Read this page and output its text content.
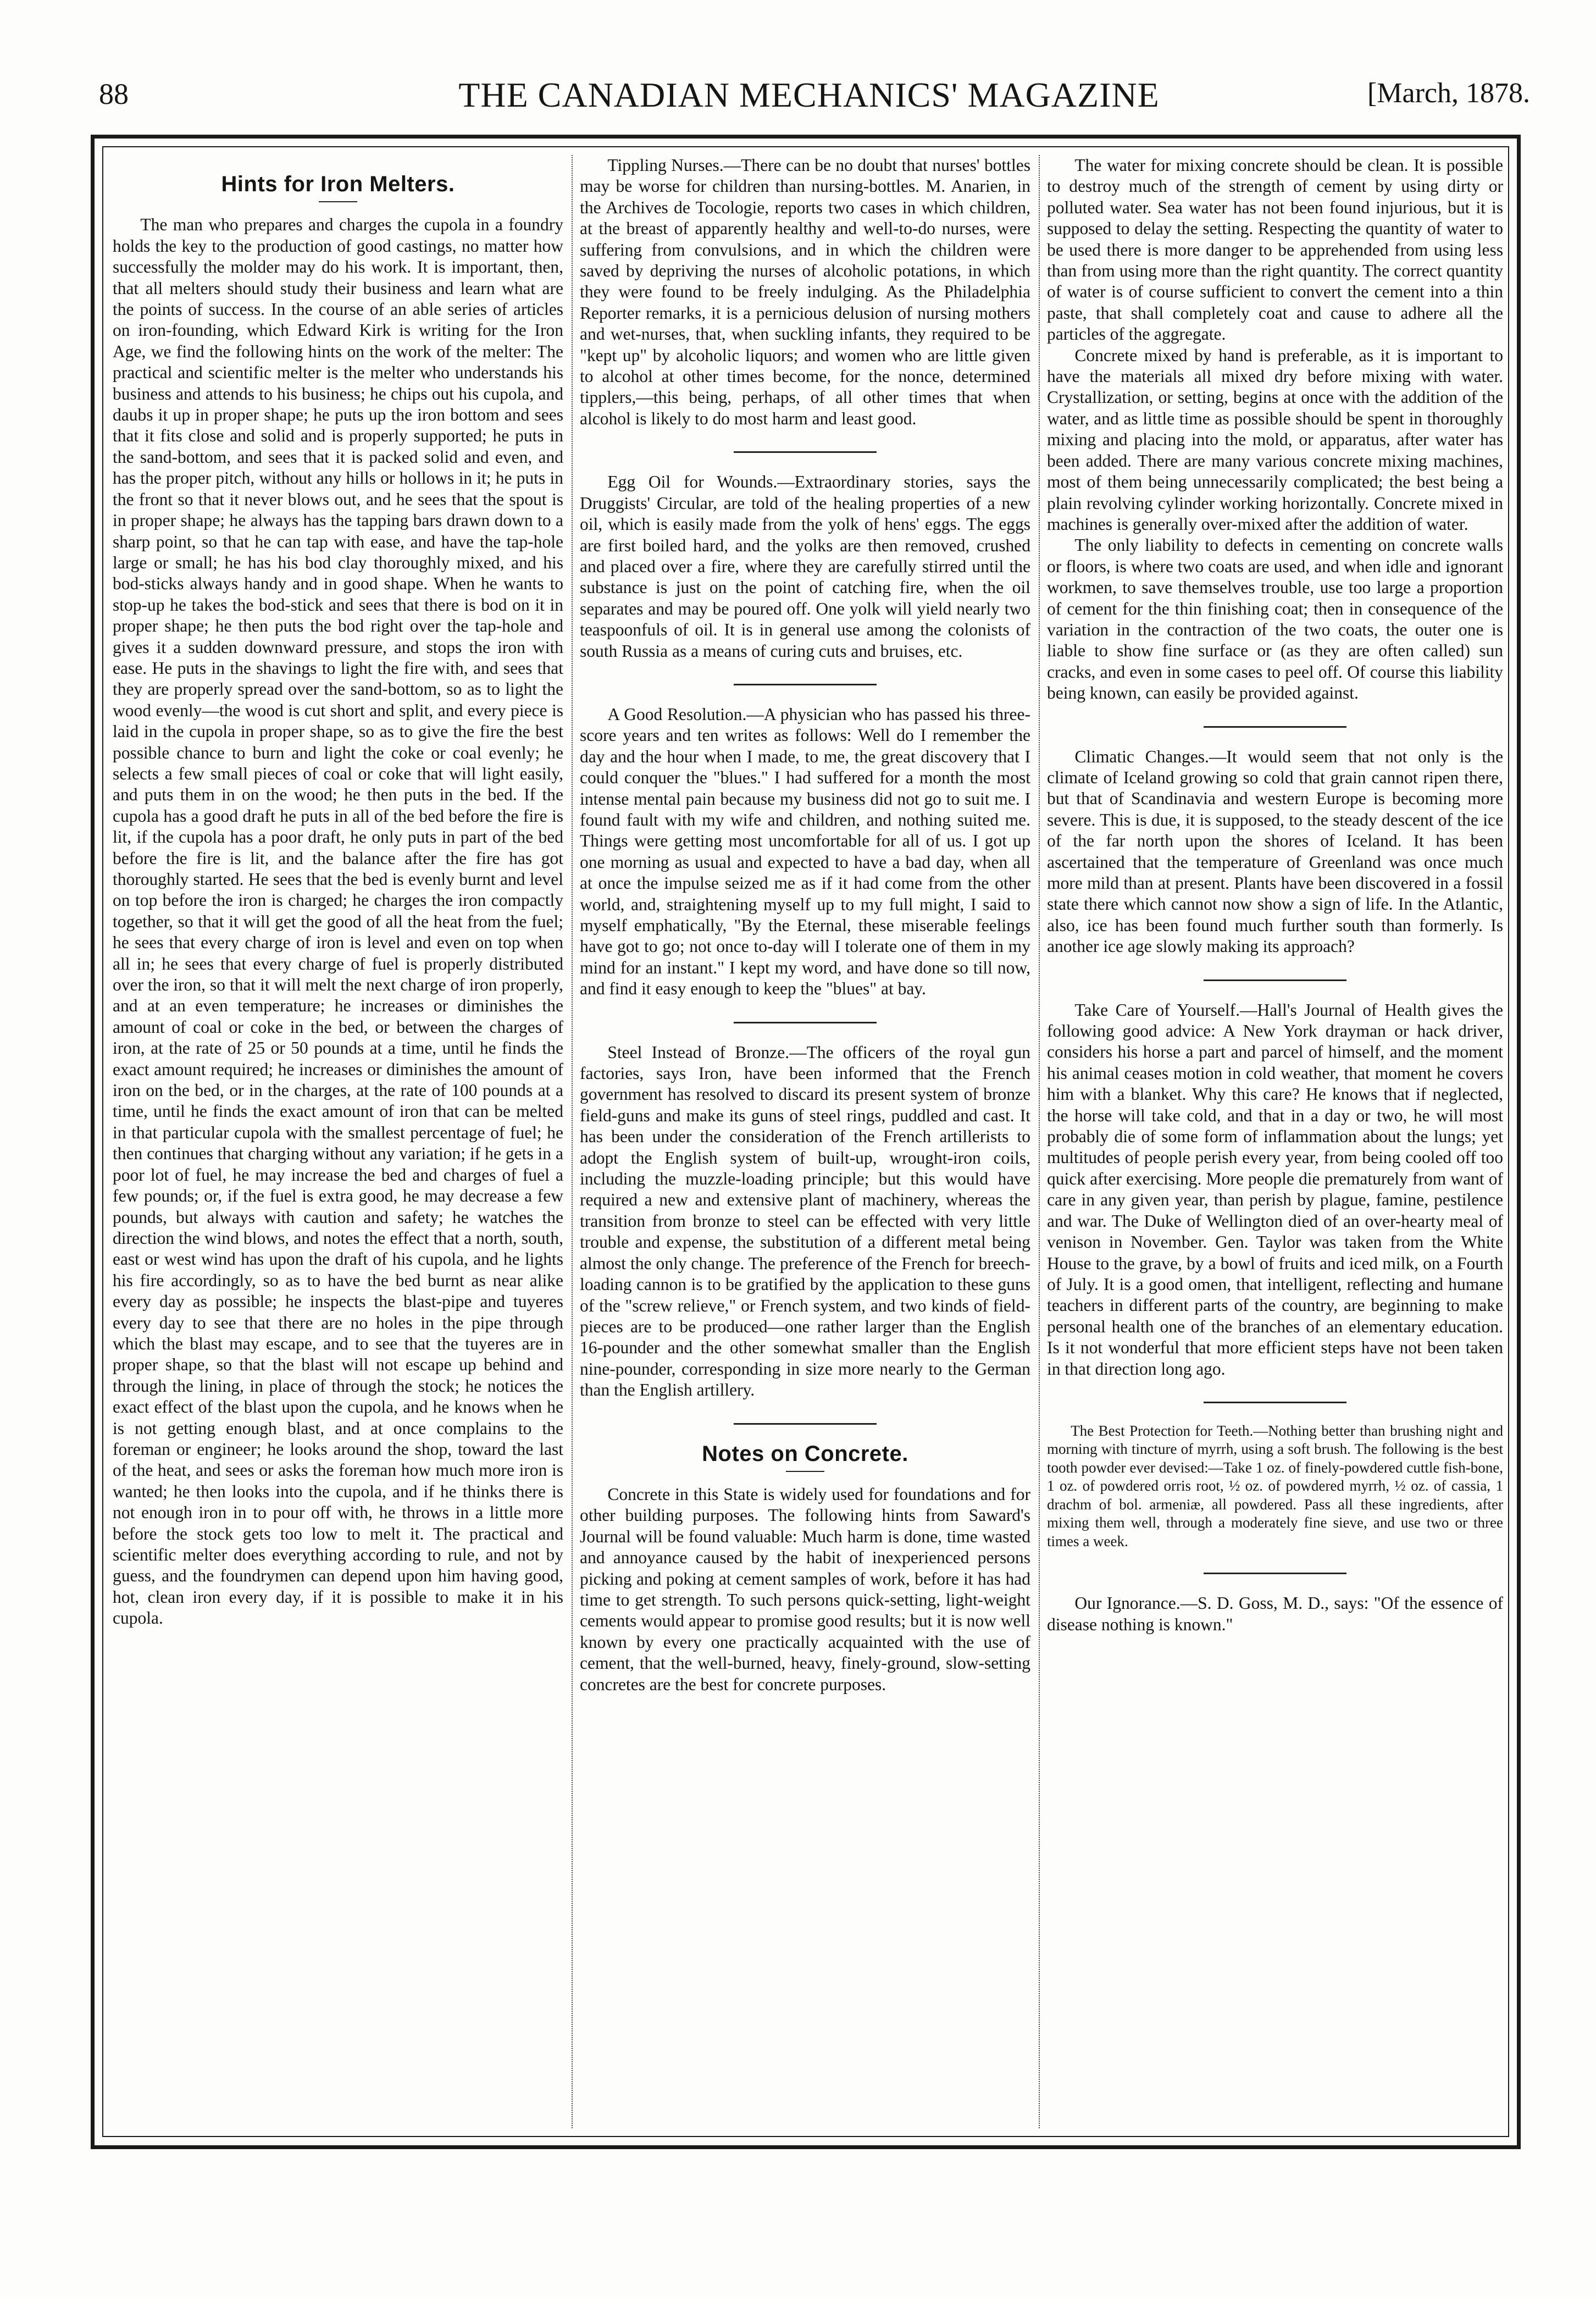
88	THE CANADIAN MECHANICS' MAGAZINE	[March, 1878.
Hints for Iron Melters.

The man who prepares and charges the cupola in a foundry holds the key to the production of good castings, no matter how successfully the molder may do his work. It is important, then, that all melters should study their business and learn what are the points of success. In the course of an able series of articles on iron-founding, which Edward Kirk is writing for the Iron Age, we find the following hints on the work of the melter: The practical and scientific melter is the melter who understands his business and attends to his business; he chips out his cupola, and daubs it up in proper shape; he puts up the iron bottom and sees that it fits close and solid and is properly supported; he puts in the sand-bottom, and sees that it is packed solid and even, and has the proper pitch, without any hills or hollows in it; he puts in the front so that it never blows out, and he sees that the spout is in proper shape; he always has the tapping bars drawn down to a sharp point, so that he can tap with ease, and have the tap-hole large or small; he has his bod clay thoroughly mixed, and his bod-sticks always handy and in good shape. When he wants to stop-up he takes the bod-stick and sees that there is bod on it in proper shape; he then puts the bod right over the tap-hole and gives it a sudden downward pressure, and stops the iron with ease. He puts in the shavings to light the fire with, and sees that they are properly spread over the sand-bottom, so as to light the wood evenly—the wood is cut short and split, and every piece is laid in the cupola in proper shape, so as to give the fire the best possible chance to burn and light the coke or coal evenly; he selects a few small pieces of coal or coke that will light easily, and puts them in on the wood; he then puts in the bed. If the cupola has a good draft he puts in all of the bed before the fire is lit, if the cupola has a poor draft, he only puts in part of the bed before the fire is lit, and the balance after the fire has got thoroughly started. He sees that the bed is evenly burnt and level on top before the iron is charged; he charges the iron compactly together, so that it will get the good of all the heat from the fuel; he sees that every charge of iron is level and even on top when all in; he sees that every charge of fuel is properly distributed over the iron, so that it will melt the next charge of iron properly, and at an even temperature; he increases or diminishes the amount of coal or coke in the bed, or between the charges of iron, at the rate of 25 or 50 pounds at a time, until he finds the exact amount required; he increases or diminishes the amount of iron on the bed, or in the charges, at the rate of 100 pounds at a time, until he finds the exact amount of iron that can be melted in that particular cupola with the smallest percentage of fuel; he then continues that charging without any variation; if he gets in a poor lot of fuel, he may increase the bed and charges of fuel a few pounds; or, if the fuel is extra good, he may decrease a few pounds, but always with caution and safety; he watches the direction the wind blows, and notes the effect that a north, south, east or west wind has upon the draft of his cupola, and he lights his fire accordingly, so as to have the bed burnt as near alike every day as possible; he inspects the blast-pipe and tuyeres every day to see that there are no holes in the pipe through which the blast may escape, and to see that the tuyeres are in proper shape, so that the blast will not escape up behind and through the lining, in place of through the stock; he notices the exact effect of the blast upon the cupola, and he knows when he is not getting enough blast, and at once complains to the foreman or engineer; he looks around the shop, toward the last of the heat, and sees or asks the foreman how much more iron is wanted; he then looks into the cupola, and if he thinks there is not enough iron in to pour off with, he throws in a little more before the stock gets too low to melt it. The practical and scientific melter does everything according to rule, and not by guess, and the foundrymen can depend upon him having good, hot, clean iron every day, if it is possible to make it in his cupola.

Tippling Nurses.—There can be no doubt that nurses' bottles may be worse for children than nursing-bottles. M. Anarien, in the Archives de Tocologie, reports two cases in which children, at the breast of apparently healthy and well-to-do nurses, were suffering from convulsions, and in which the children were saved by depriving the nurses of alcoholic potations, in which they were found to be freely indulging. As the Philadelphia Reporter remarks, it is a pernicious delusion of nursing mothers and wet-nurses, that, when suckling infants, they required to be "kept up" by alcoholic liquors; and women who are little given to alcohol at other times become, for the nonce, determined tipplers,—this being, perhaps, of all other times that when alcohol is likely to do most harm and least good.

Egg Oil for Wounds.—Extraordinary stories, says the Druggists' Circular, are told of the healing properties of a new oil, which is easily made from the yolk of hens' eggs. The eggs are first boiled hard, and the yolks are then removed, crushed and placed over a fire, where they are carefully stirred until the substance is just on the point of catching fire, when the oil separates and may be poured off. One yolk will yield nearly two teaspoonfuls of oil. It is in general use among the colonists of south Russia as a means of curing cuts and bruises, etc.

A Good Resolution.—A physician who has passed his three-score years and ten writes as follows: Well do I remember the day and the hour when I made, to me, the great discovery that I could conquer the "blues." I had suffered for a month the most intense mental pain because my business did not go to suit me. I found fault with my wife and children, and nothing suited me. Things were getting most uncomfortable for all of us. I got up one morning as usual and expected to have a bad day, when all at once the impulse seized me as if it had come from the other world, and, straightening myself up to my full might, I said to myself emphatically, "By the Eternal, these miserable feelings have got to go; not once to-day will I tolerate one of them in my mind for an instant." I kept my word, and have done so till now, and find it easy enough to keep the "blues" at bay.

Steel Instead of Bronze.—The officers of the royal gun factories, says Iron, have been informed that the French government has resolved to discard its present system of bronze field-guns and make its guns of steel rings, puddled and cast. It has been under the consideration of the French artillerists to adopt the English system of built-up, wrought-iron coils, including the muzzle-loading principle; but this would have required a new and extensive plant of machinery, whereas the transition from bronze to steel can be effected with very little trouble and expense, the substitution of a different metal being almost the only change. The preference of the French for breech-loading cannon is to be gratified by the application to these guns of the "screw relieve," or French system, and two kinds of field-pieces are to be produced—one rather larger than the English 16-pounder and the other somewhat smaller than the English nine-pounder, corresponding in size more nearly to the German than the English artillery.

Notes on Concrete.

Concrete in this State is widely used for foundations and for other building purposes. The following hints from Saward's Journal will be found valuable: Much harm is done, time wasted and annoyance caused by the habit of inexperienced persons picking and poking at cement samples of work, before it has had time to get strength. To such persons quick-setting, light-weight cements would appear to promise good results; but it is now well known by every one practically acquainted with the use of cement, that the well-burned, heavy, finely-ground, slow-setting concretes are the best for concrete purposes.

The water for mixing concrete should be clean. It is possible to destroy much of the strength of cement by using dirty or polluted water. Sea water has not been found injurious, but it is supposed to delay the setting. Respecting the quantity of water to be used there is more danger to be apprehended from using less than from using more than the right quantity. The correct quantity of water is of course sufficient to convert the cement into a thin paste, that shall completely coat and cause to adhere all the particles of the aggregate.

Concrete mixed by hand is preferable, as it is important to have the materials all mixed dry before mixing with water. Crystallization, or setting, begins at once with the addition of the water, and as little time as possible should be spent in thoroughly mixing and placing into the mold, or apparatus, after water has been added. There are many various concrete mixing machines, most of them being unnecessarily complicated; the best being a plain revolving cylinder working horizontally. Concrete mixed in machines is generally over-mixed after the addition of water.

The only liability to defects in cementing on concrete walls or floors, is where two coats are used, and when idle and ignorant workmen, to save themselves trouble, use too large a proportion of cement for the thin finishing coat; then in consequence of the variation in the contraction of the two coats, the outer one is liable to show fine surface or (as they are often called) sun cracks, and even in some cases to peel off. Of course this liability being known, can easily be provided against.

Climatic Changes.—It would seem that not only is the climate of Iceland growing so cold that grain cannot ripen there, but that of Scandinavia and western Europe is becoming more severe. This is due, it is supposed, to the steady descent of the ice of the far north upon the shores of Iceland. It has been ascertained that the temperature of Greenland was once much more mild than at present. Plants have been discovered in a fossil state there which cannot now show a sign of life. In the Atlantic, also, ice has been found much further south than formerly. Is another ice age slowly making its approach?

Take Care of Yourself.—Hall's Journal of Health gives the following good advice: A New York drayman or hack driver, considers his horse a part and parcel of himself, and the moment his animal ceases motion in cold weather, that moment he covers him with a blanket. Why this care? He knows that if neglected, the horse will take cold, and that in a day or two, he will most probably die of some form of inflammation about the lungs; yet multitudes of people perish every year, from being cooled off too quick after exercising. More people die prematurely from want of care in any given year, than perish by plague, famine, pestilence and war. The Duke of Wellington died of an over-hearty meal of venison in November. Gen. Taylor was taken from the White House to the grave, by a bowl of fruits and iced milk, on a Fourth of July. It is a good omen, that intelligent, reflecting and humane teachers in different parts of the country, are beginning to make personal health one of the branches of an elementary education. Is it not wonderful that more efficient steps have not been taken in that direction long ago.

The Best Protection for Teeth.—Nothing better than brushing night and morning with tincture of myrrh, using a soft brush. The following is the best tooth powder ever devised:—Take 1 oz. of finely-powdered cuttle fish-bone, 1 oz. of powdered orris root, ½ oz. of powdered myrrh, ½ oz. of cassia, 1 drachm of bol. armeniæ, all powdered. Pass all these ingredients, after mixing them well, through a moderately fine sieve, and use two or three times a week.

Our Ignorance.—S. D. Goss, M. D., says: "Of the essence of disease nothing is known."
